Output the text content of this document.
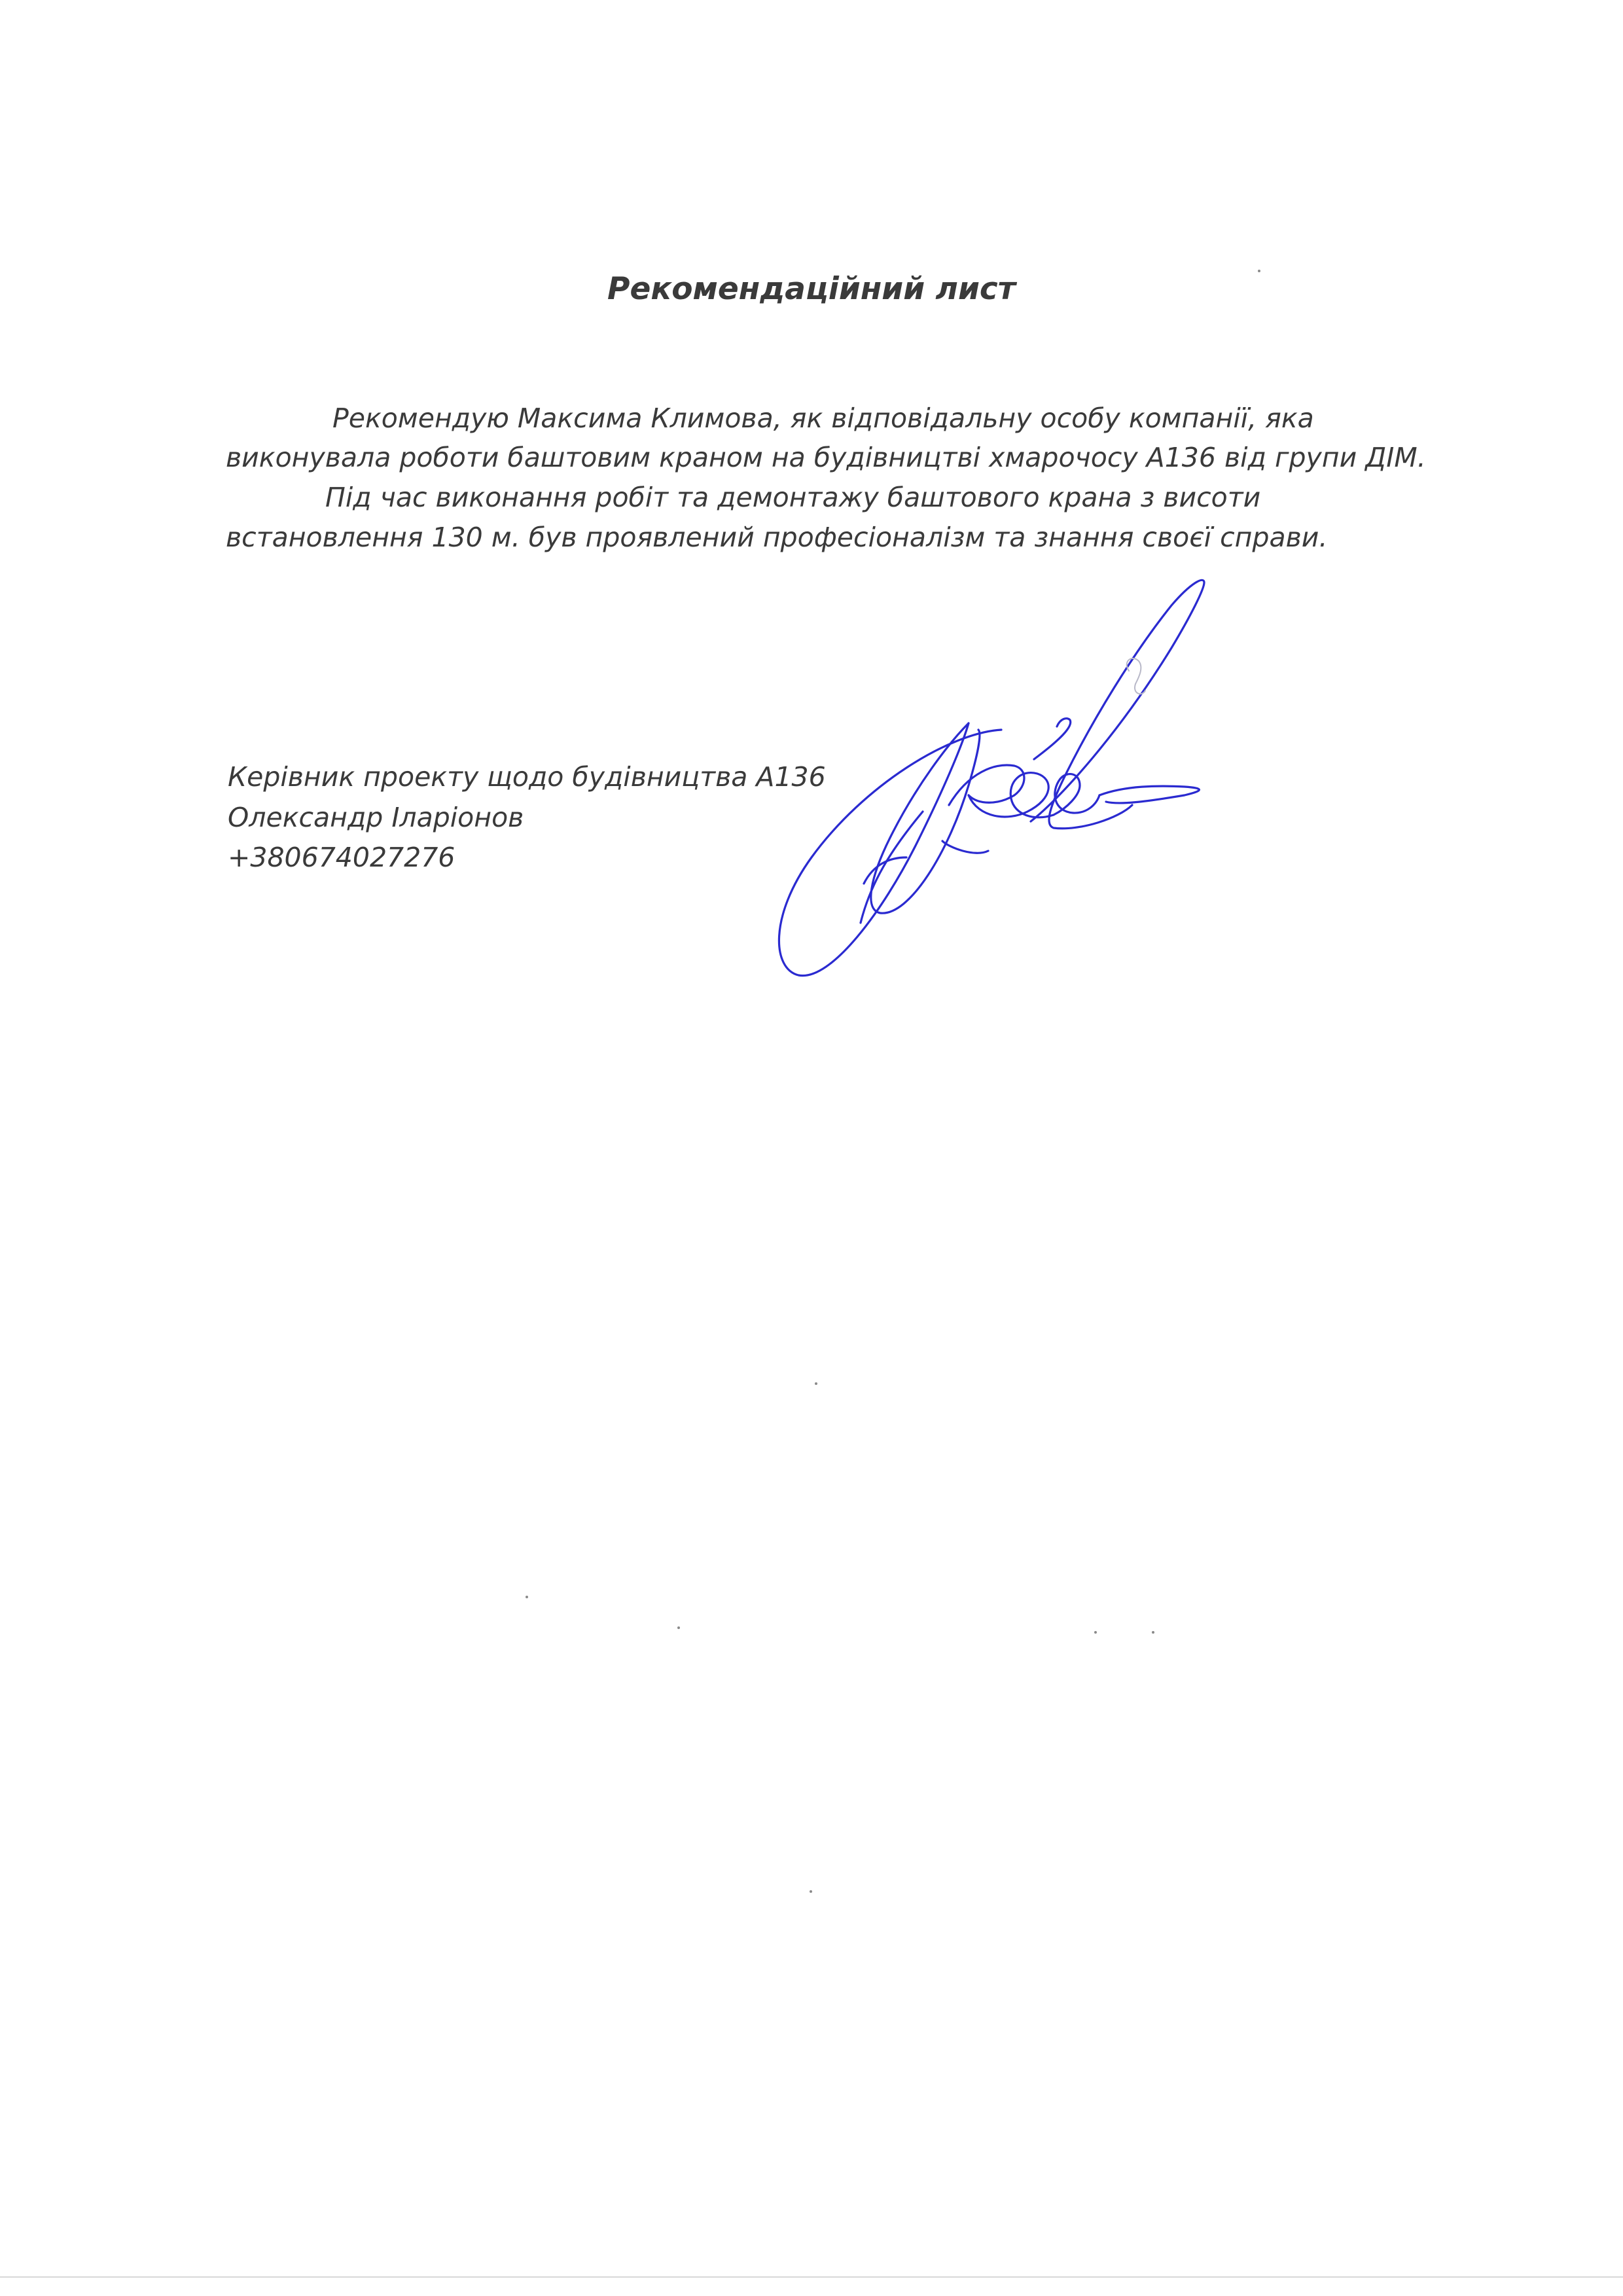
Рекомендаційний лист
Рекомендую Максима Климова, як відповідальну особу компанії, яка
виконувала роботи баштовим краном на будівництві хмарочосу А136 від групи ДІМ.
Під час виконання робіт та демонтажу баштового крана з висоти
встановлення 130 м. був проявлений професіоналізм та знання своєї справи.
Керівник проекту щодо будівництва А136
Олександр Іларіонов
+380674027276
